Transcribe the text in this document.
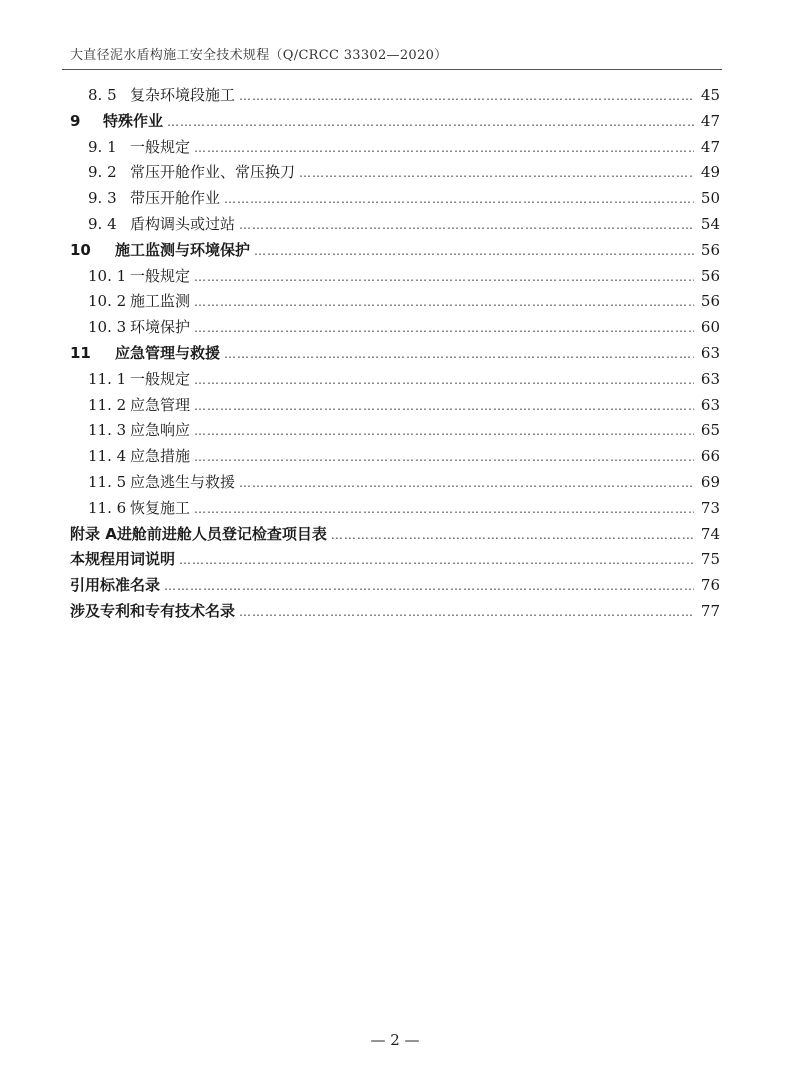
大直径泥水盾构施工安全技术规程（Q/CRCC 33302—2020）
8. 5 复杂环境段施工 ……………………………………………………………………………………………………………………………………………………………………………………	45
9	特殊作业 ……………………………………………………………………………………………………………………………………………………………………………………	47
9. 1 一般规定 ……………………………………………………………………………………………………………………………………………………………………………………	47
9. 2 常压开舱作业、常压换刀 ……………………………………………………………………………………………………………………………………………………………………………………	49
9. 3 带压开舱作业 ……………………………………………………………………………………………………………………………………………………………………………………	50
9. 4 盾构调头或过站 ……………………………………………………………………………………………………………………………………………………………………………………	54
10	施工监测与环境保护 ……………………………………………………………………………………………………………………………………………………………………………………	56
10. 1 一般规定 ……………………………………………………………………………………………………………………………………………………………………………………	56
10. 2 施工监测 ……………………………………………………………………………………………………………………………………………………………………………………	56
10. 3 环境保护 ……………………………………………………………………………………………………………………………………………………………………………………	60
11	应急管理与救援 ……………………………………………………………………………………………………………………………………………………………………………………	63
11. 1 一般规定 ……………………………………………………………………………………………………………………………………………………………………………………	63
11. 2 应急管理 ……………………………………………………………………………………………………………………………………………………………………………………	63
11. 3 应急响应 ……………………………………………………………………………………………………………………………………………………………………………………	65
11. 4 应急措施 ……………………………………………………………………………………………………………………………………………………………………………………	66
11. 5 应急逃生与救援 ……………………………………………………………………………………………………………………………………………………………………………………	69
11. 6 恢复施工 ……………………………………………………………………………………………………………………………………………………………………………………	73
附录 A 进舱前进舱人员登记检查项目表 ……………………………………………………………………………………………………………………………………………………………………………………	74
本规程用词说明 ……………………………………………………………………………………………………………………………………………………………………………………	75
引用标准名录 ……………………………………………………………………………………………………………………………………………………………………………………	76
涉及专利和专有技术名录 ……………………………………………………………………………………………………………………………………………………………………………………	77
— 2 —
